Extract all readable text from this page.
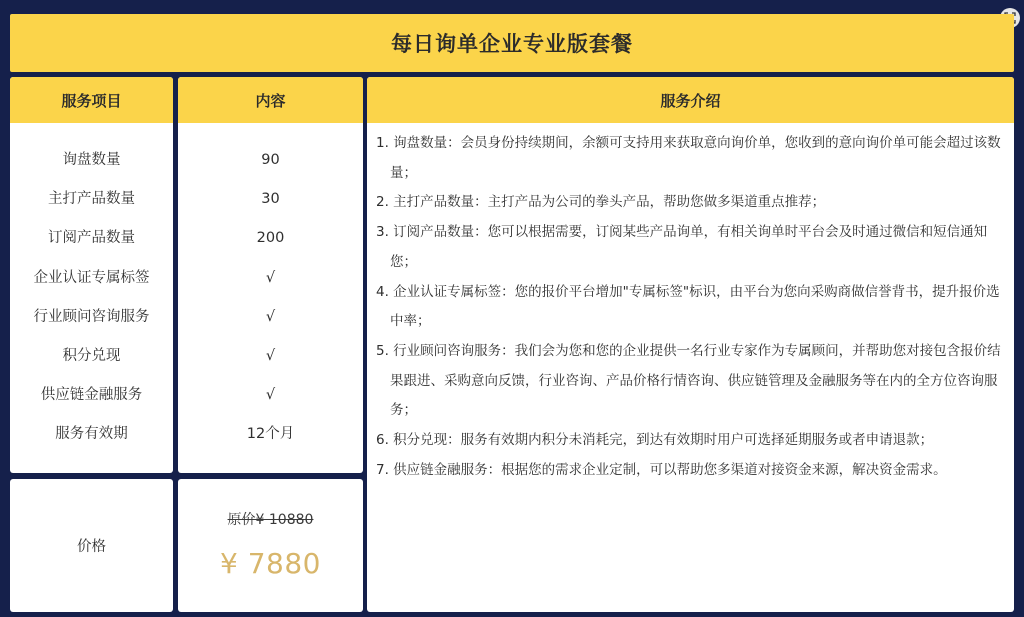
每日询单企业专业版套餐
服务项目
询盘数量
主打产品数量
订阅产品数量
企业认证专属标签
行业顾问咨询服务
积分兑现
供应链金融服务
服务有效期
内容
90
30
200
√
√
√
√
12个月
价格
原价¥ 10880
¥ 7880
服务介绍
1. 询盘数量：会员身份持续期间，余额可支持用来获取意向询价单，您收到的意向询价单可能会超过该数量；
2. 主打产品数量：主打产品为公司的拳头产品，帮助您做多渠道重点推荐；
3. 订阅产品数量：您可以根据需要，订阅某些产品询单，有相关询单时平台会及时通过微信和短信通知您；
4. 企业认证专属标签：您的报价平台增加"专属标签"标识，由平台为您向采购商做信誉背书，提升报价选中率；
5. 行业顾问咨询服务：我们会为您和您的企业提供一名行业专家作为专属顾问，并帮助您对接包含报价结果跟进、采购意向反馈，行业咨询、产品价格行情咨询、供应链管理及金融服务等在内的全方位咨询服务；
6. 积分兑现：服务有效期内积分未消耗完，到达有效期时用户可选择延期服务或者申请退款；
7. 供应链金融服务：根据您的需求企业定制，可以帮助您多渠道对接资金来源，解决资金需求。
